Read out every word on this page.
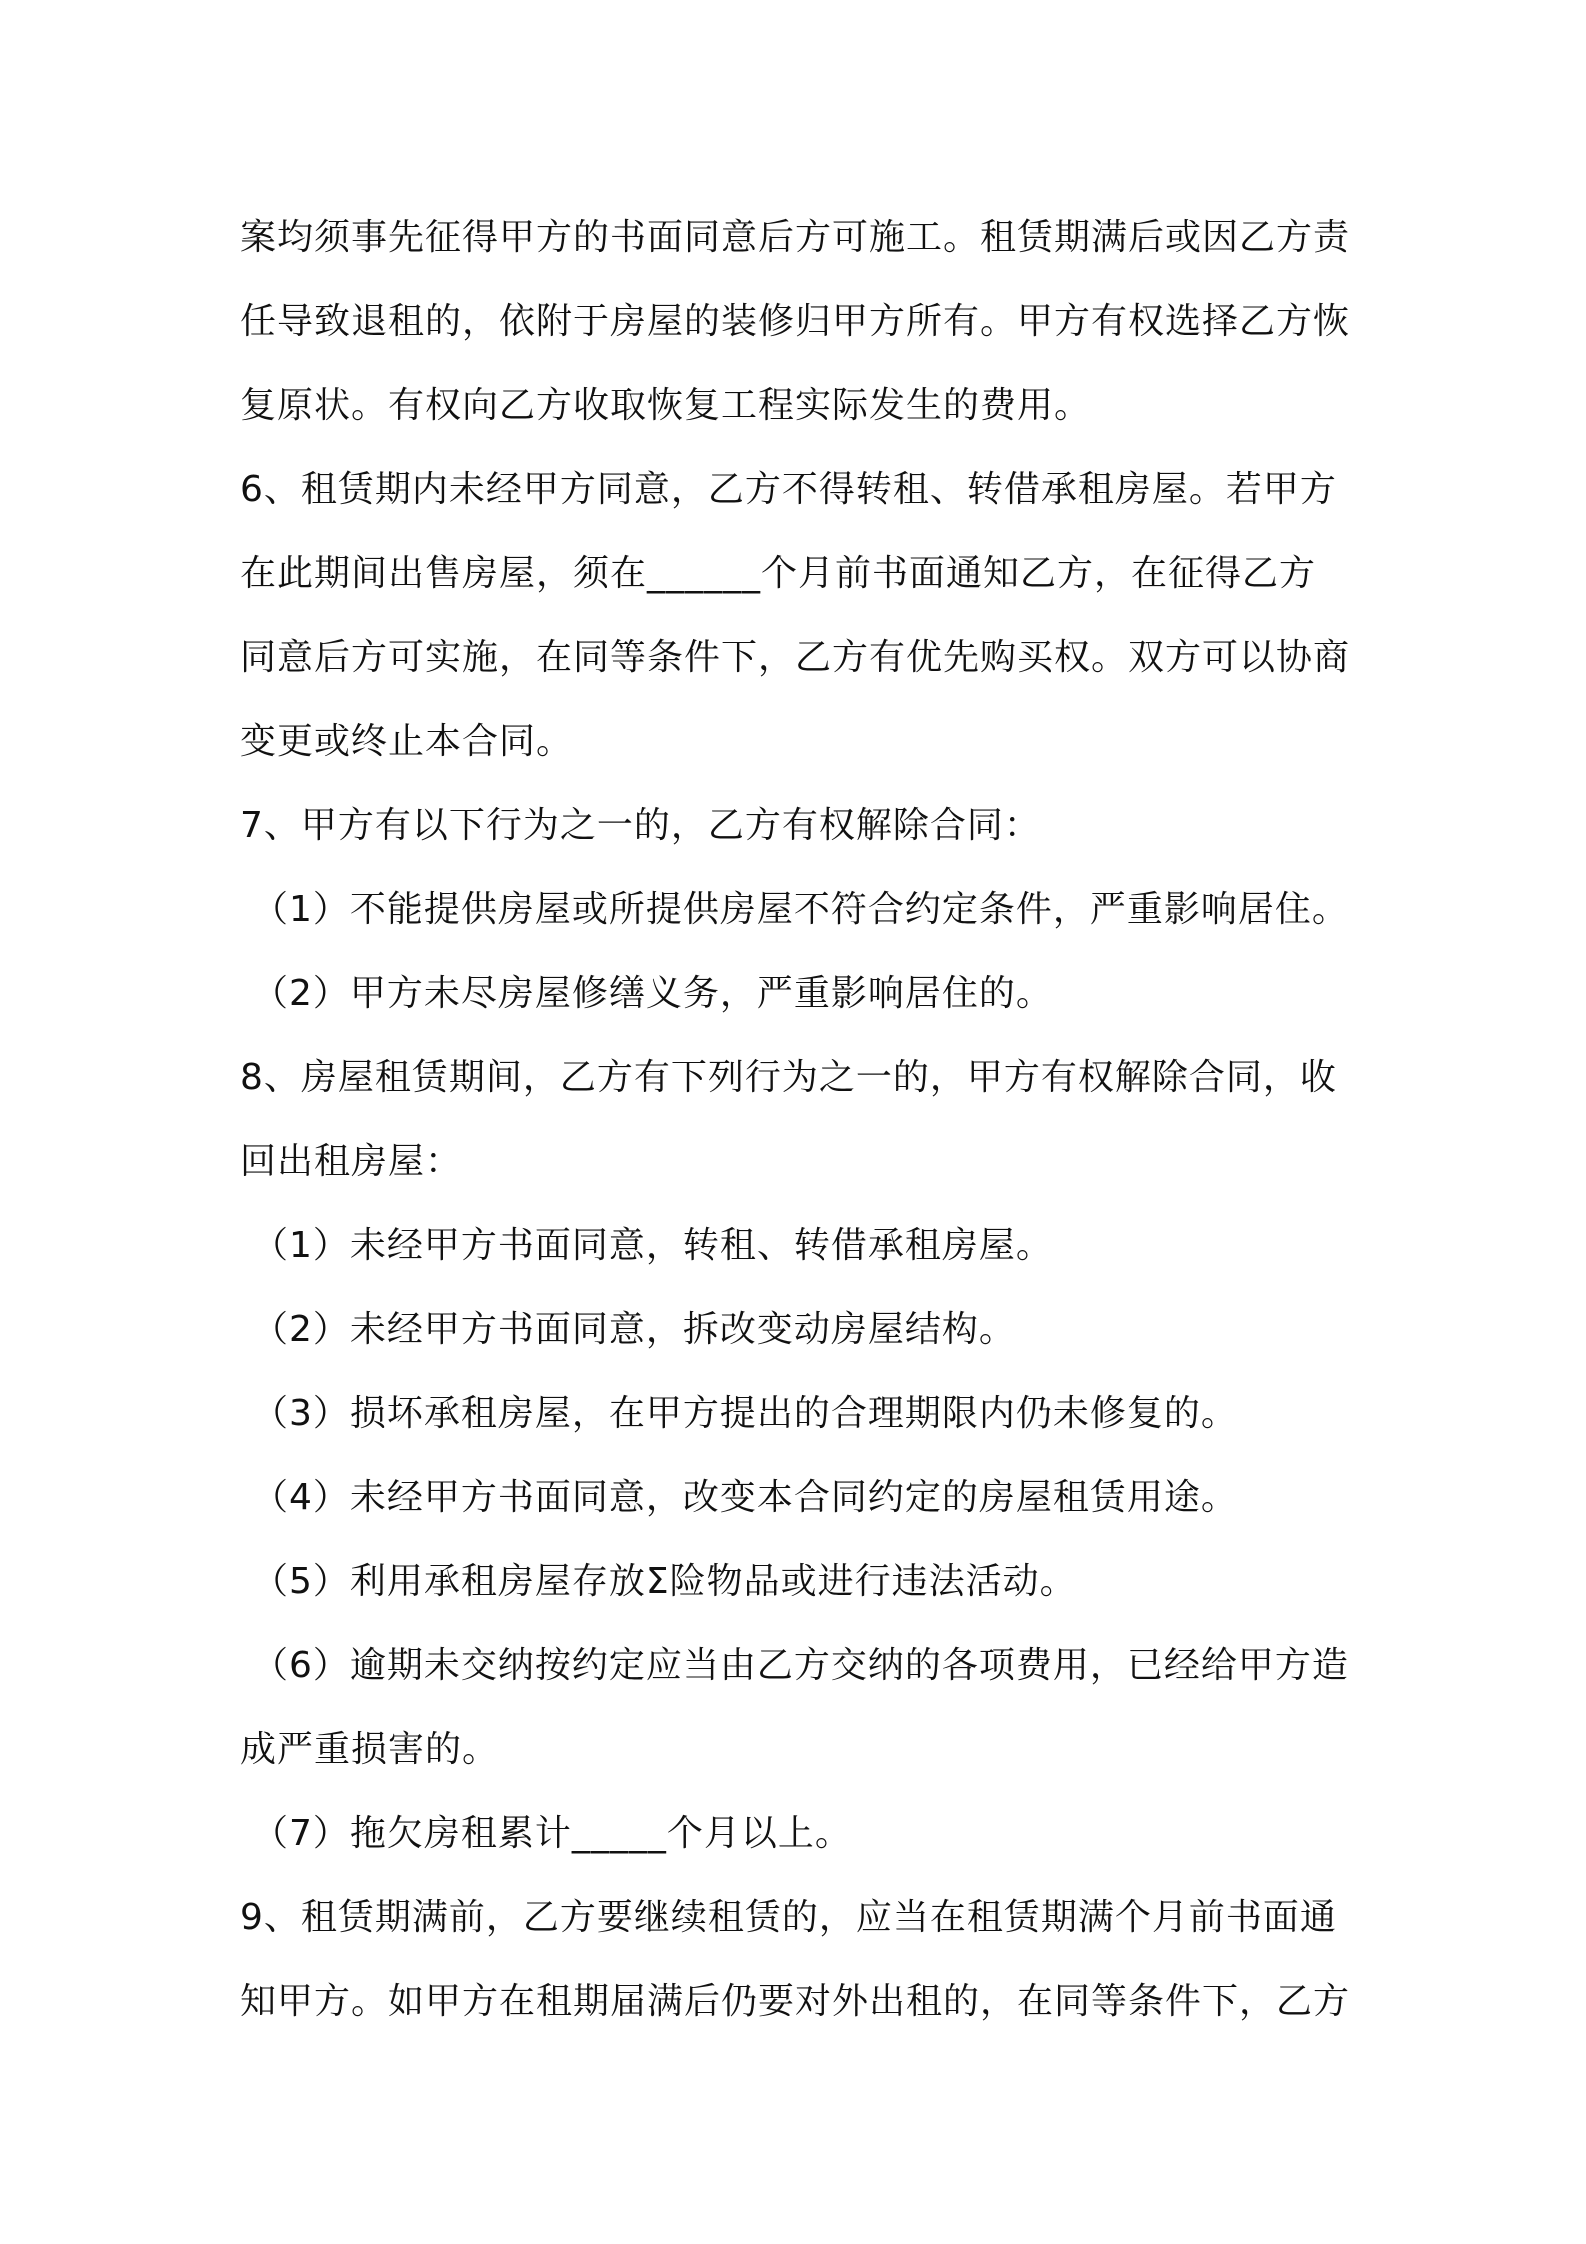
案均须事先征得甲方的书面同意后方可施工。租赁期满后或因乙方责
任导致退租的，依附于房屋的装修归甲方所有。甲方有权选择乙方恢
复原状。有权向乙方收取恢复工程实际发生的费用。
6、租赁期内未经甲方同意，乙方不得转租、转借承租房屋。若甲方
在此期间出售房屋，须在______个月前书面通知乙方，在征得乙方
同意后方可实施，在同等条件下，乙方有优先购买权。双方可以协商
变更或终止本合同。
7、甲方有以下行为之一的，乙方有权解除合同：
（1）不能提供房屋或所提供房屋不符合约定条件，严重影响居住。
（2）甲方未尽房屋修缮义务，严重影响居住的。
8、房屋租赁期间，乙方有下列行为之一的，甲方有权解除合同，收
回出租房屋：
（1）未经甲方书面同意，转租、转借承租房屋。
（2）未经甲方书面同意，拆改变动房屋结构。
（3）损坏承租房屋，在甲方提出的合理期限内仍未修复的。
（4）未经甲方书面同意，改变本合同约定的房屋租赁用途。
（5）利用承租房屋存放Σ险物品或进行违法活动。
（6）逾期未交纳按约定应当由乙方交纳的各项费用，已经给甲方造
成严重损害的。
（7）拖欠房租累计_____个月以上。
9、租赁期满前，乙方要继续租赁的，应当在租赁期满个月前书面通
知甲方。如甲方在租期届满后仍要对外出租的，在同等条件下，乙方
